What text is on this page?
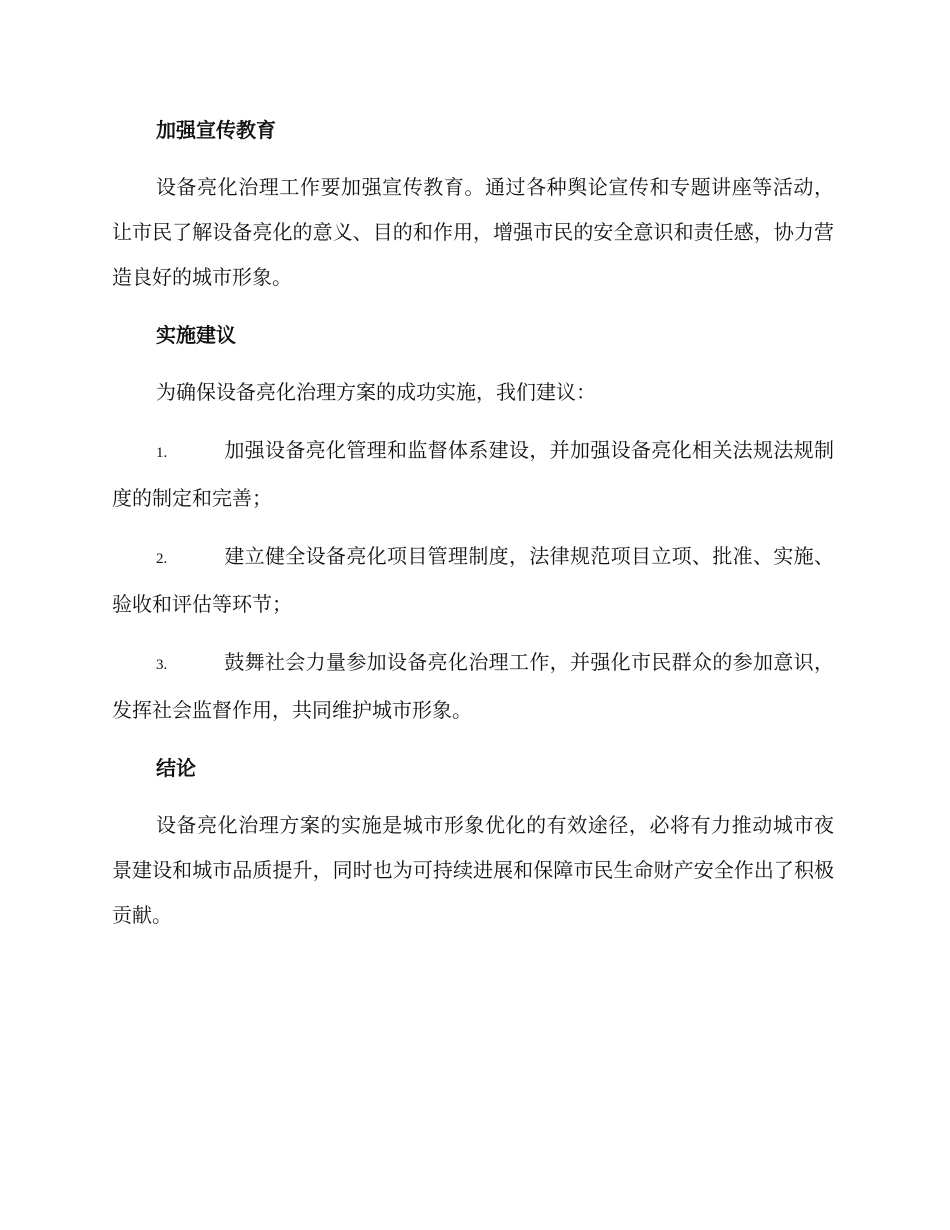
加强宣传教育

设备亮化治理工作要加强宣传教育。通过各种舆论宣传和专题讲座等活动，让市民了解设备亮化的意义、目的和作用，增强市民的安全意识和责任感，协力营造良好的城市形象。

实施建议

为确保设备亮化治理方案的成功实施，我们建议：

1.	加强设备亮化管理和监督体系建设，并加强设备亮化相关法规法规制度的制定和完善；
2.	建立健全设备亮化项目管理制度，法律规范项目立项、批准、实施、验收和评估等环节；
3.	鼓舞社会力量参加设备亮化治理工作，并强化市民群众的参加意识，发挥社会监督作用，共同维护城市形象。
结论

设备亮化治理方案的实施是城市形象优化的有效途径，必将有力推动城市夜景建设和城市品质提升，同时也为可持续进展和保障市民生命财产安全作出了积极贡献。
